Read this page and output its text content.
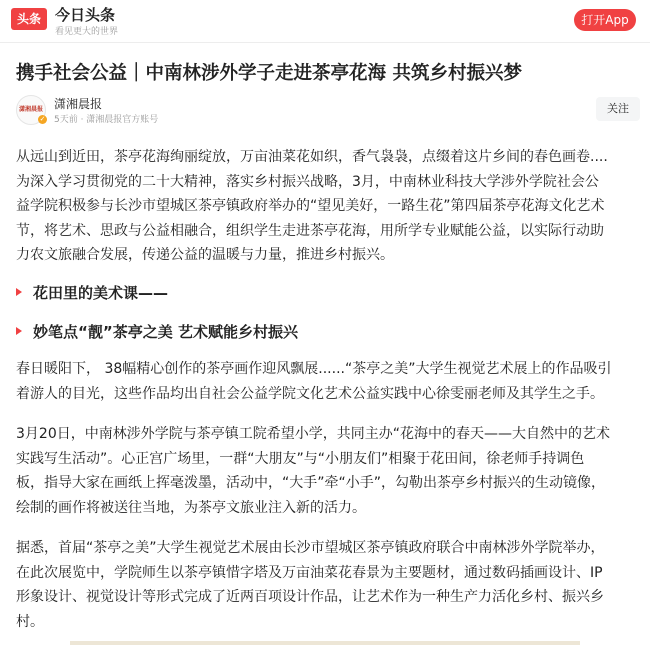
头条 今日头条
看见更大的世界
打开App
携手社会公益｜中南林涉外学子走进茶亭花海 共筑乡村振兴梦
潇湘晨报
✓
潇湘晨报
5天前 · 潇湘晨报官方账号
关注
从远山到近田，茶亭花海绚丽绽放，万亩油菜花如织，香气袅袅，点缀着这片乡间的春色画卷....
为深入学习贯彻党的二十大精神，落实乡村振兴战略，3月，中南林业科技大学涉外学院社会公
益学院积极参与长沙市望城区茶亭镇政府举办的“望见美好，一路生花”第四届茶亭花海文化艺术
节，将艺术、思政与公益相融合，组织学生走进茶亭花海，用所学专业赋能公益，以实际行动助
力农文旅融合发展，传递公益的温暖与力量，推进乡村振兴。
花田里的美术课——
妙笔点“靓”茶亭之美 艺术赋能乡村振兴
春日暖阳下， 38幅精心创作的茶亭画作迎风飘展......“茶亭之美”大学生视觉艺术展上的作品吸引
着游人的目光，这些作品均出自社会公益学院文化艺术公益实践中心徐雯丽老师及其学生之手。
3月20日，中南林涉外学院与茶亭镇工院希望小学，共同主办“花海中的春天——大自然中的艺术
实践写生活动”。心正宫广场里，一群“大朋友”与“小朋友们”相聚于花田间，徐老师手持调色
板，指导大家在画纸上挥毫泼墨，活动中，“大手”牵“小手”，勾勒出茶亭乡村振兴的生动镜像，
绘制的画作将被送往当地，为茶亭文旅业注入新的活力。
据悉，首届“茶亭之美”大学生视觉艺术展由长沙市望城区茶亭镇政府联合中南林涉外学院举办，
在此次展览中，学院师生以茶亭镇惜字塔及万亩油菜花春景为主要题材，通过数码插画设计、IP
形象设计、视觉设计等形式完成了近两百项设计作品，让艺术作为一种生产力活化乡村、振兴乡
村。
